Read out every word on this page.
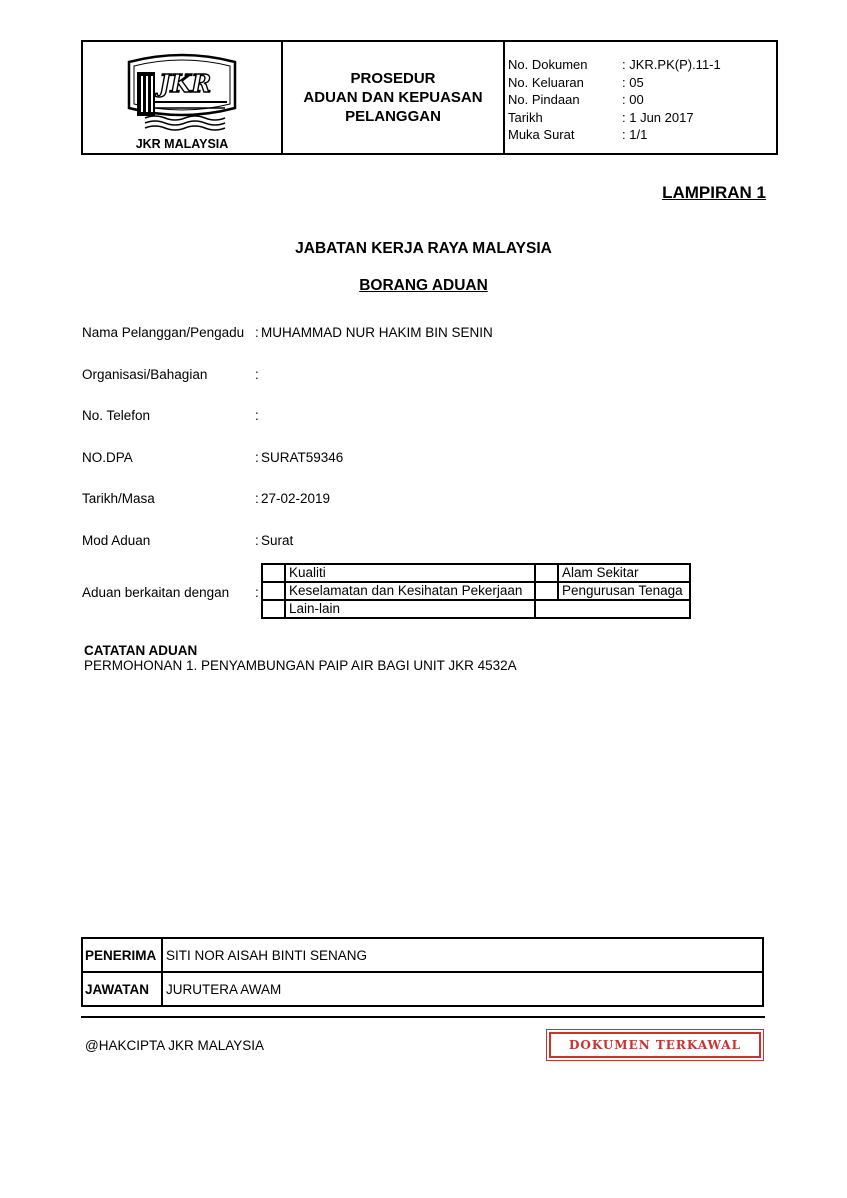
JKR
JKR MALAYSIA
PROSEDUR
ADUAN DAN KEPUASAN
PELANGGAN
No. Dokumen	: JKR.PK(P).11-1
No. Keluaran	: 05
No. Pindaan	: 00
Tarikh	: 1 Jun 2017
Muka Surat	: 1/1
LAMPIRAN 1
JABATAN KERJA RAYA MALAYSIA
BORANG ADUAN
Nama Pelanggan/Pengadu : MUHAMMAD NUR HAKIM BIN SENIN
Organisasi/Bahagian	:
No. Telefon	:
NO.DPA	: SURAT59346
Tarikh/Masa	: 27-02-2019
Mod Aduan	: Surat
Aduan berkaitan dengan :
	Kualiti		Alam Sekitar
	Keselamatan dan Kesihatan Pekerjaan		Pengurusan Tenaga
	Lain-lain		
CATATAN ADUAN
PERMOHONAN 1. PENYAMBUNGAN PAIP AIR BAGI UNIT JKR 4532A
PENERIMA	SITI NOR AISAH BINTI SENANG
JAWATAN	JURUTERA AWAM
@HAKCIPTA JKR MALAYSIA	DOKUMEN TERKAWAL
